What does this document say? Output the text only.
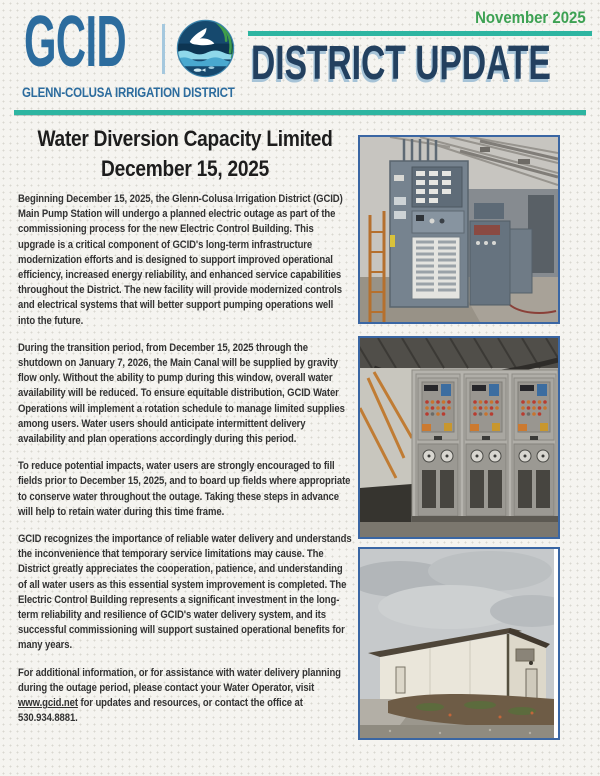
November 2025
GCID
GLENN-COLUSA IRRIGATION DISTRICT
DISTRICT UPDATE
Water Diversion Capacity Limited
December 15, 2025

Beginning December 15, 2025, the Glenn-Colusa Irrigation District (GCID) Main Pump Station will undergo a planned electric outage as part of the commissioning process for the new Electric Control Building. This upgrade is a critical component of GCID's long-term infrastructure modernization efforts and is designed to support improved operational efficiency, increased energy reliability, and enhanced service capabilities throughout the District. The new facility will provide modernized controls and electrical systems that will better support pumping operations well into the future.

During the transition period, from December 15, 2025 through the shutdown on January 7, 2026, the Main Canal will be supplied by gravity flow only. Without the ability to pump during this window, overall water availability will be reduced. To ensure equitable distribution, GCID Water Operations will implement a rotation schedule to manage limited supplies among users. Water users should anticipate intermittent delivery availability and plan operations accordingly during this period.

To reduce potential impacts, water users are strongly encouraged to fill fields prior to December 15, 2025, and to board up fields where appropriate to conserve water throughout the outage. Taking these steps in advance will help to retain water during this time frame.

GCID recognizes the importance of reliable water delivery and understands the inconvenience that temporary service limitations may cause. The District greatly appreciates the cooperation, patience, and understanding of all water users as this essential system improvement is completed. The Electric Control Building represents a significant investment in the long-term reliability and resilience of GCID's water delivery system, and its successful commissioning will support sustained operational benefits for many years.

For additional information, or for assistance with water delivery planning during the outage period, please contact your Water Operator, visit www.gcid.net for updates and resources, or contact the office at 530.934.8881.
